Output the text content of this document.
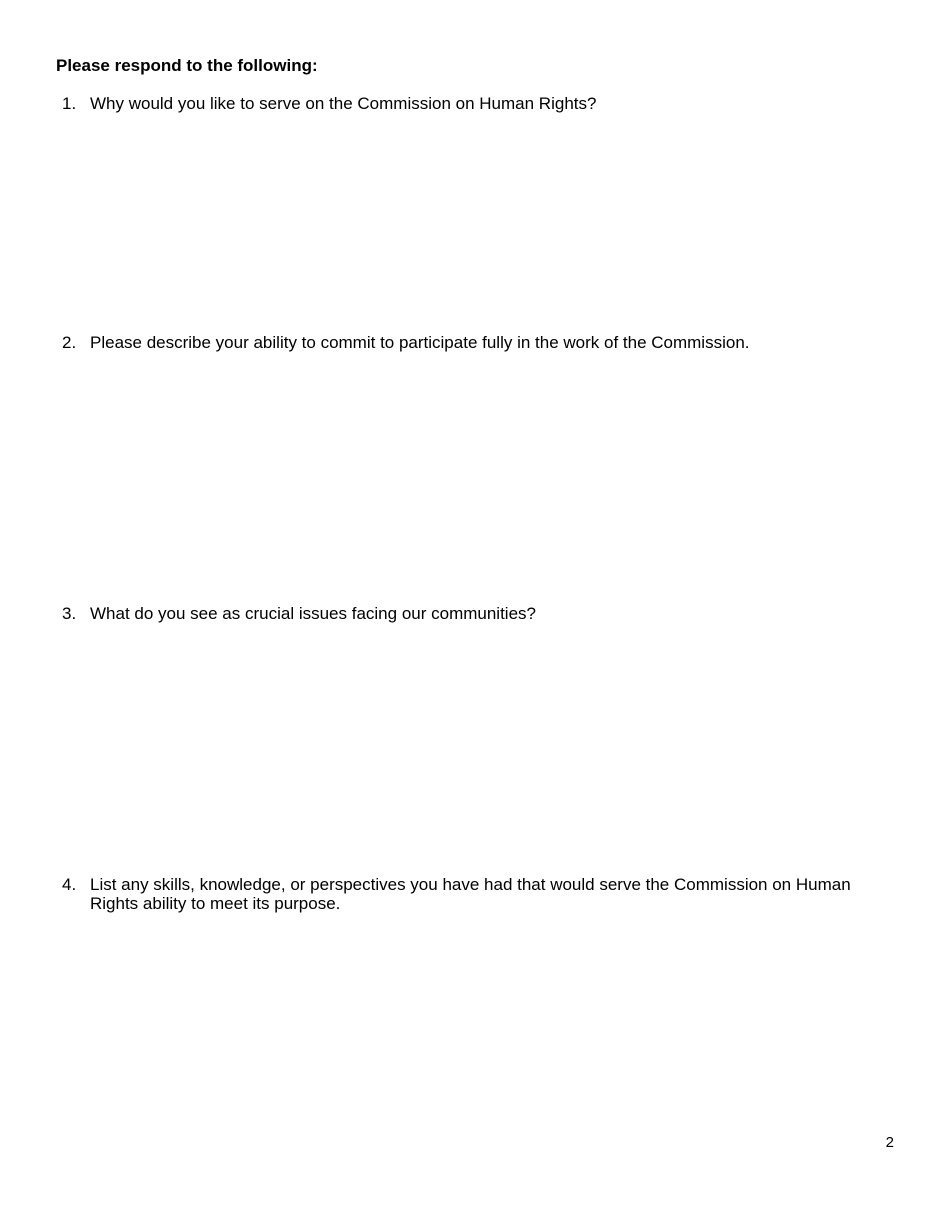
Please respond to the following:
1. Why would you like to serve on the Commission on Human Rights?
2. Please describe your ability to commit to participate fully in the work of the Commission.
3. What do you see as crucial issues facing our communities?
4. List any skills, knowledge, or perspectives you have had that would serve the Commission on Human Rights ability to meet its purpose.
2
